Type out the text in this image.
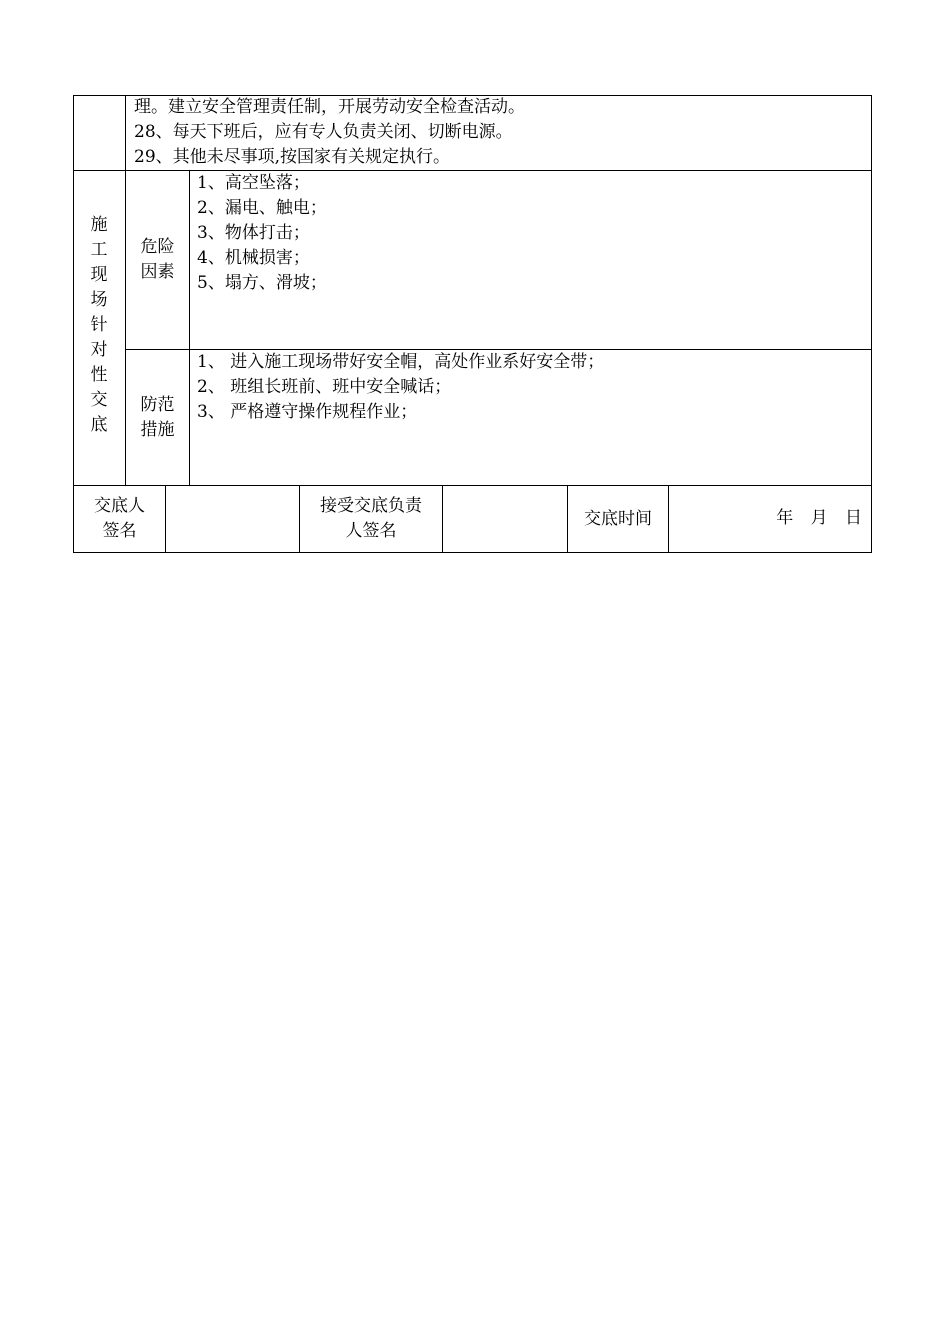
理。建立安全管理责任制，开展劳动安全检查活动。
28、每天下班后，应有专人负责关闭、切断电源。
29、其他未尽事项,按国家有关规定执行。
施
工
现
场
针
对
性
交
底
危险
因素
1、高空坠落；
2、漏电、触电；
3、物体打击；
4、机械损害；
5、塌方、滑坡；
防范
措施
1、 进入施工现场带好安全帽，高处作业系好安全带；
2、 班组长班前、班中安全喊话；
3、 严格遵守操作规程作业；
交底人
签名
接受交底负责
人签名
交底时间	年 月 日
